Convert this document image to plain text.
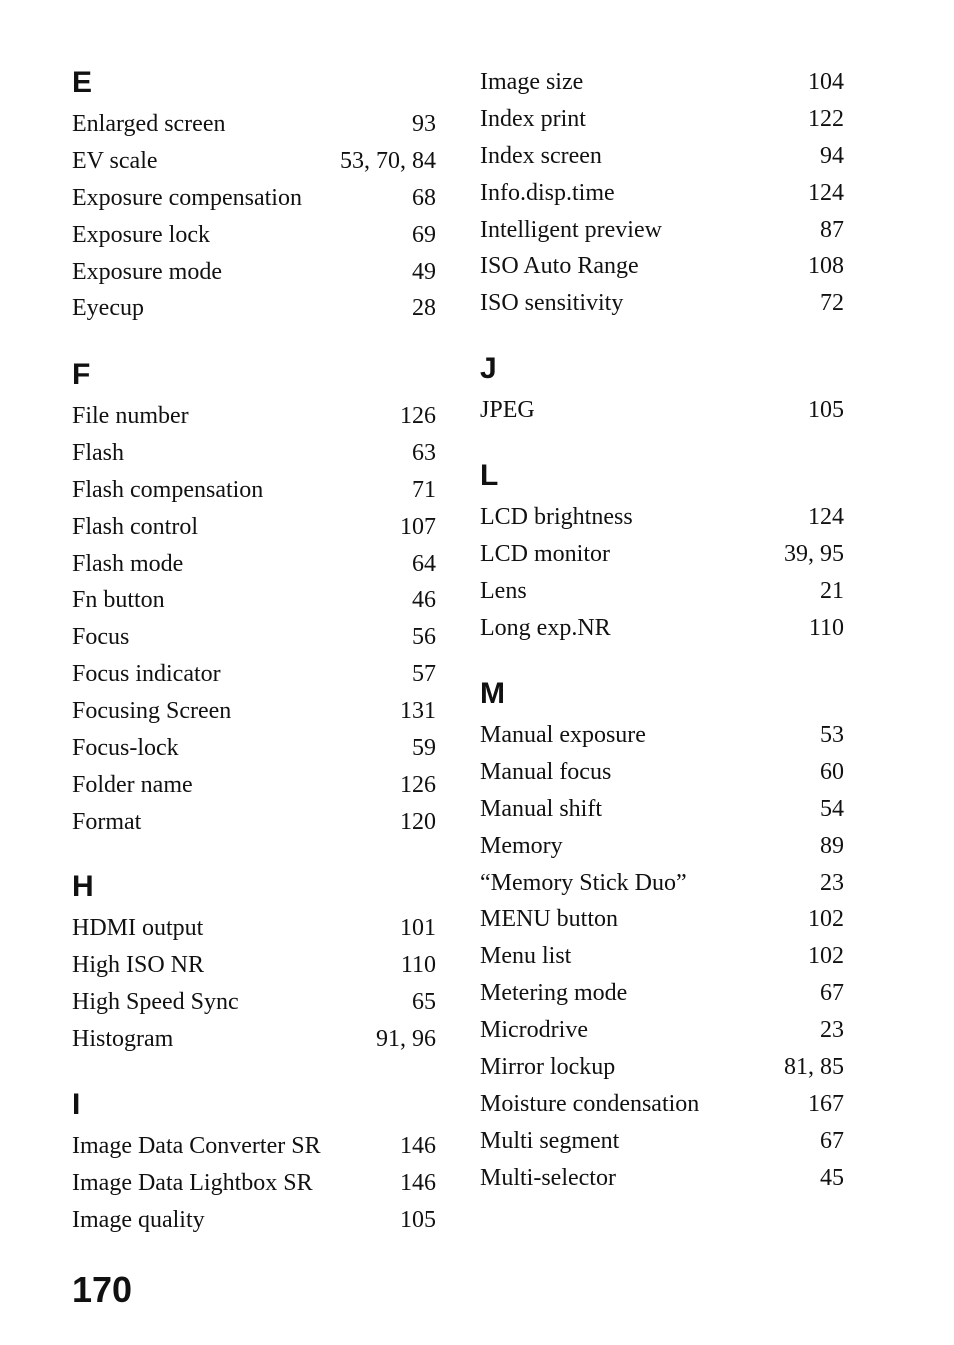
E
Enlarged screen	93
EV scale	53, 70, 84
Exposure compensation	68
Exposure lock	69
Exposure mode	49
Eyecup	28
F
File number	126
Flash	63
Flash compensation	71
Flash control	107
Flash mode	64
Fn button	46
Focus	56
Focus indicator	57
Focusing Screen	131
Focus-lock	59
Folder name	126
Format	120
H
HDMI output	101
High ISO NR	110
High Speed Sync	65
Histogram	91, 96
I
Image Data Converter SR	146
Image Data Lightbox SR	146
Image quality	105
Image size	104
Index print	122
Index screen	94
Info.disp.time	124
Intelligent preview	87
ISO Auto Range	108
ISO sensitivity	72
J
JPEG	105
L
LCD brightness	124
LCD monitor	39, 95
Lens	21
Long exp.NR	110
M
Manual exposure	53
Manual focus	60
Manual shift	54
Memory	89
“Memory Stick Duo”	23
MENU button	102
Menu list	102
Metering mode	67
Microdrive	23
Mirror lockup	81, 85
Moisture condensation	167
Multi segment	67
Multi-selector	45
170
